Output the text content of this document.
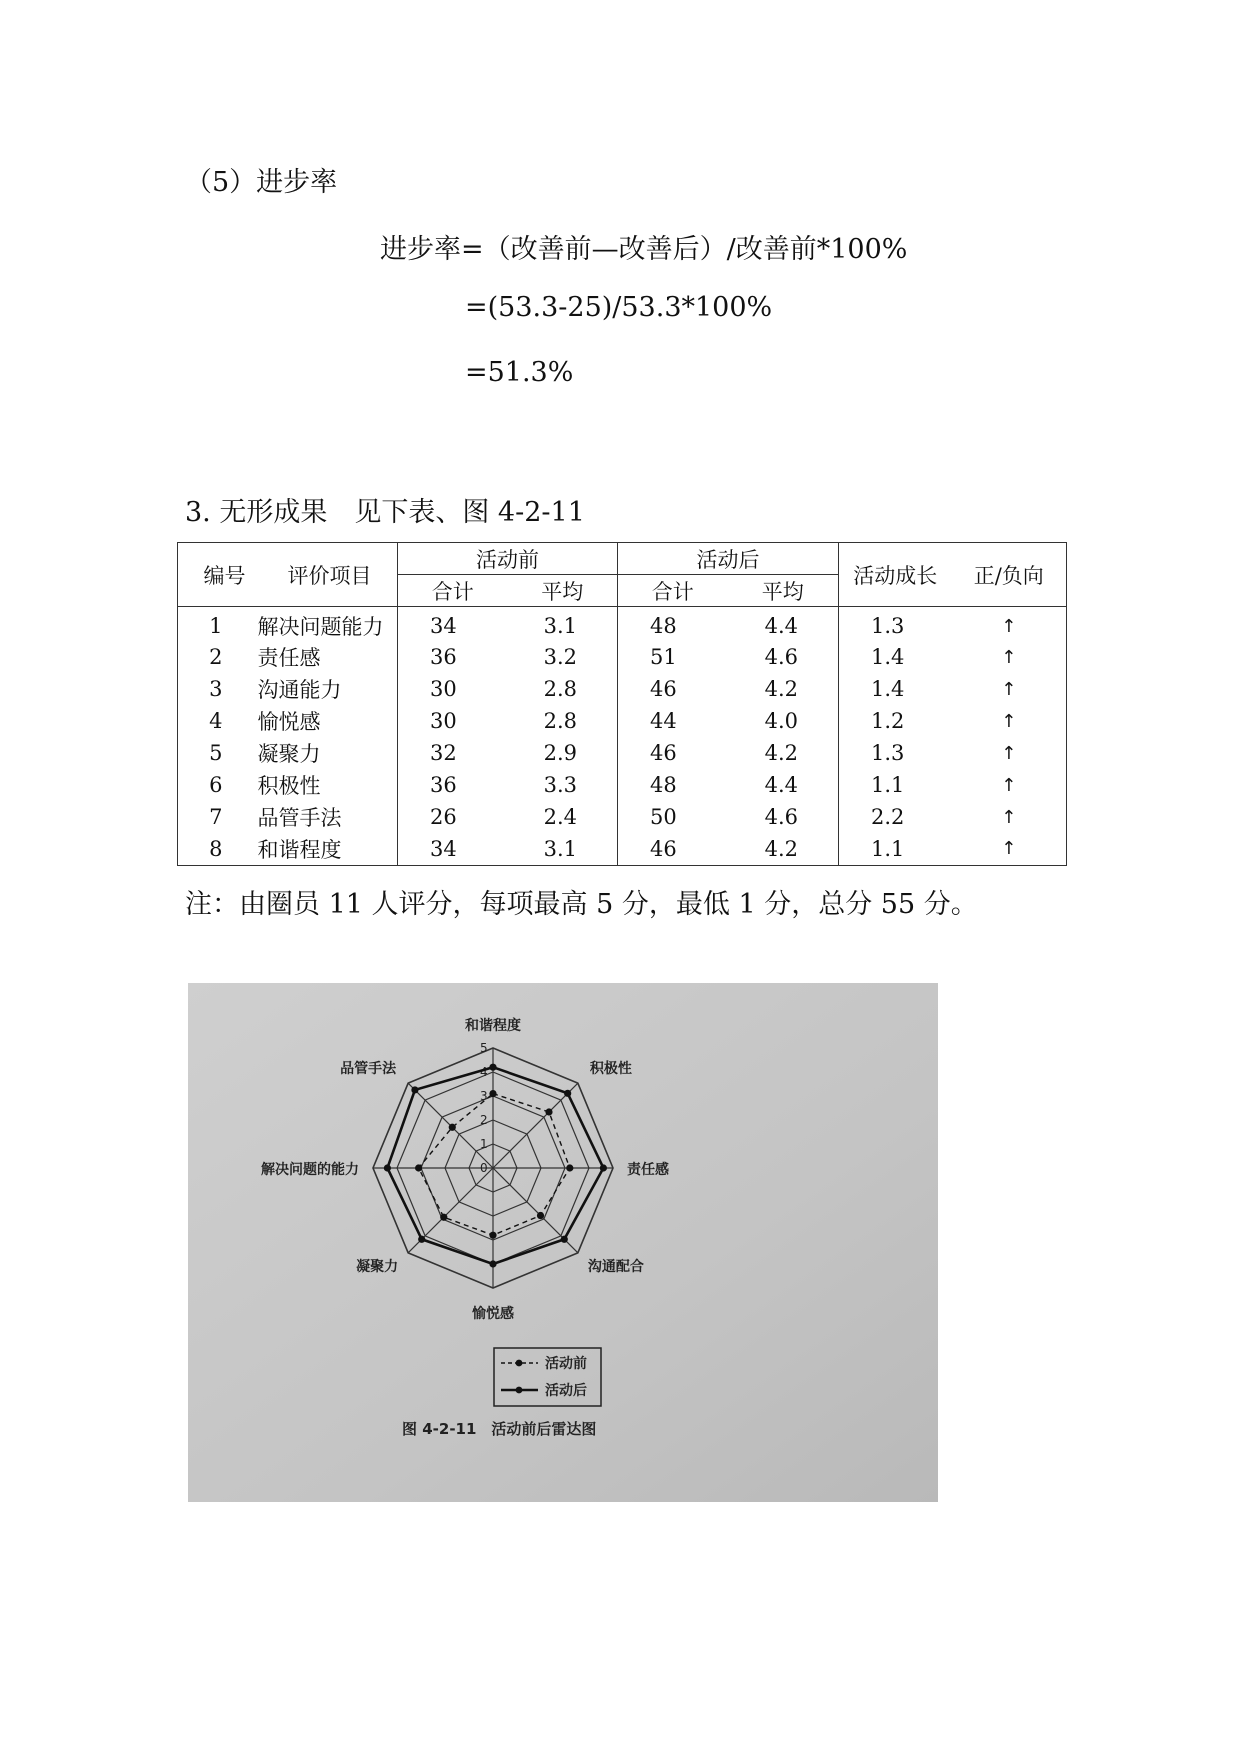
（5）进步率
进步率=（改善前—改善后）/改善前*100%
=(53.3-25)/53.3*100%
=51.3%
3. 无形成果　见下表、图 4-2-11
编号　　评价项目		活动前		活动后		活动成长	正/负向
		合计	平均	合计	平均		
1	解决问题能力	34	3.1	48	4.4	1.3	↑
2	责任感	36	3.2	51	4.6	1.4	↑
3	沟通能力	30	2.8	46	4.2	1.4	↑
4	愉悦感	30	2.8	44	4.0	1.2	↑
5	凝聚力	32	2.9	46	4.2	1.3	↑
6	积极性	36	3.3	48	4.4	1.1	↑
7	品管手法	26	2.4	50	4.6	2.2	↑
8	和谐程度	34	3.1	46	4.2	1.1	↑
注：由圈员 11 人评分，每项最高 5 分，最低 1 分，总分 55 分。
0
1
2
3
4
5
和谐程度
积极性
责任感
沟通配合
愉悦感
凝聚力
解决问题的能力
品管手法
活动前
活动后
图 4-2-11　活动前后雷达图
